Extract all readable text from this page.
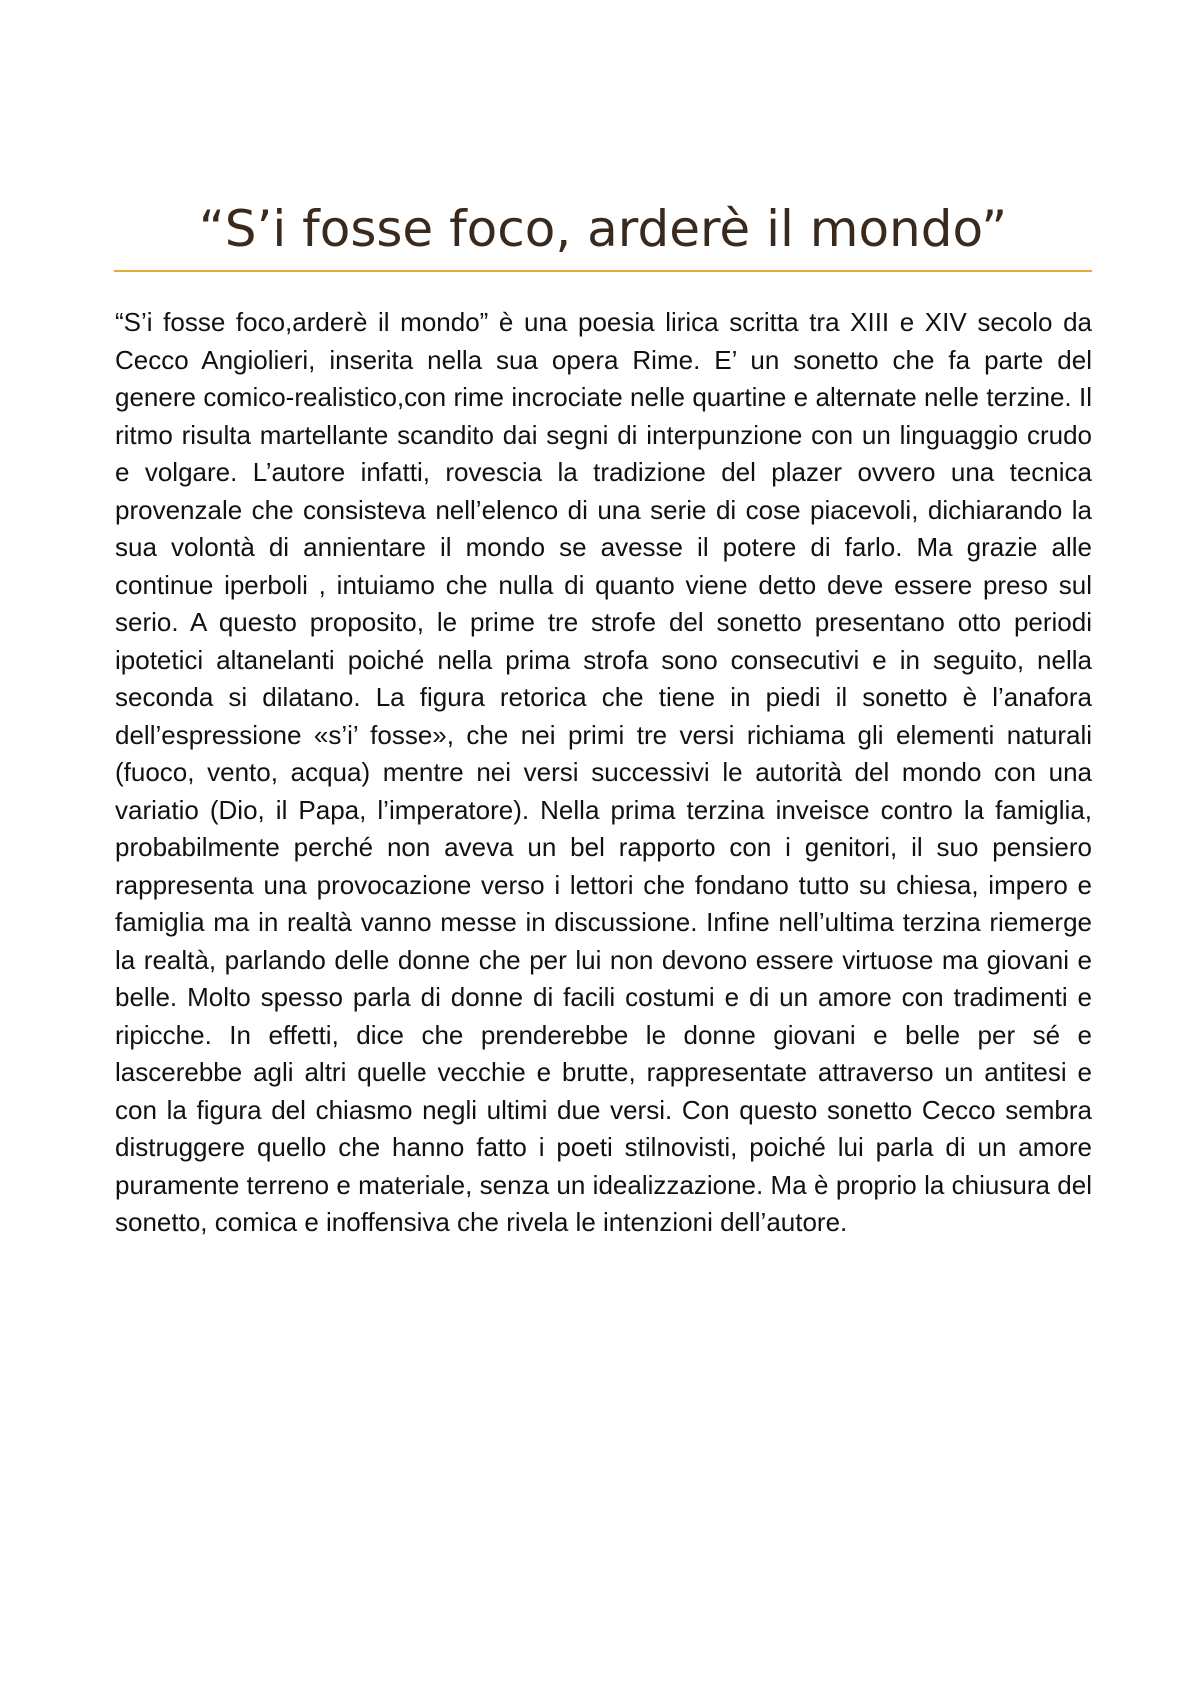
“S’i fosse foco, arderè il mondo”

“S’i fosse foco,arderè il mondo” è una poesia lirica scritta tra XIII e XIV secolo da Cecco Angiolieri, inserita nella sua opera Rime. E’ un sonetto che fa parte del genere comico-realistico,con rime incrociate nelle quartine e alternate nelle terzine. Il ritmo risulta martellante scandito dai segni di interpunzione con un linguaggio crudo e volgare. L’autore infatti, rovescia la tradizione del plazer ovvero una tecnica provenzale che consisteva nell’elenco di una serie di cose piacevoli, dichiarando la sua volontà di annientare il mondo se avesse il potere di farlo. Ma grazie alle continue iperboli , intuiamo che nulla di quanto viene detto deve essere preso sul serio. A questo proposito, le prime tre strofe del sonetto presentano otto periodi ipotetici altanelanti poiché nella prima strofa sono consecutivi e in seguito, nella seconda si dilatano. La figura retorica che tiene in piedi il sonetto è l’anafora dell’espressione «s’i’ fosse», che nei primi tre versi richiama gli elementi naturali (fuoco, vento, acqua) mentre nei versi successivi le autorità del mondo con una variatio (Dio, il Papa, l’imperatore). Nella prima terzina inveisce contro la famiglia, probabilmente perché non aveva un bel rapporto con i genitori, il suo pensiero rappresenta una provocazione verso i lettori che fondano tutto su chiesa, impero e famiglia ma in realtà vanno messe in discussione. Infine nell’ultima terzina riemerge la realtà, parlando delle donne che per lui non devono essere virtuose ma giovani e belle. Molto spesso parla di donne di facili costumi e di un amore con tradimenti e ripicche. In effetti, dice che prenderebbe le donne giovani e belle per sé e lascerebbe agli altri quelle vecchie e brutte, rappresentate attraverso un antitesi e con la figura del chiasmo negli ultimi due versi. Con questo sonetto Cecco sembra distruggere quello che hanno fatto i poeti stilnovisti, poiché lui parla di un amore puramente terreno e materiale, senza un idealizzazione. Ma è proprio la chiusura del sonetto, comica e inoffensiva che rivela le intenzioni dell’autore.
